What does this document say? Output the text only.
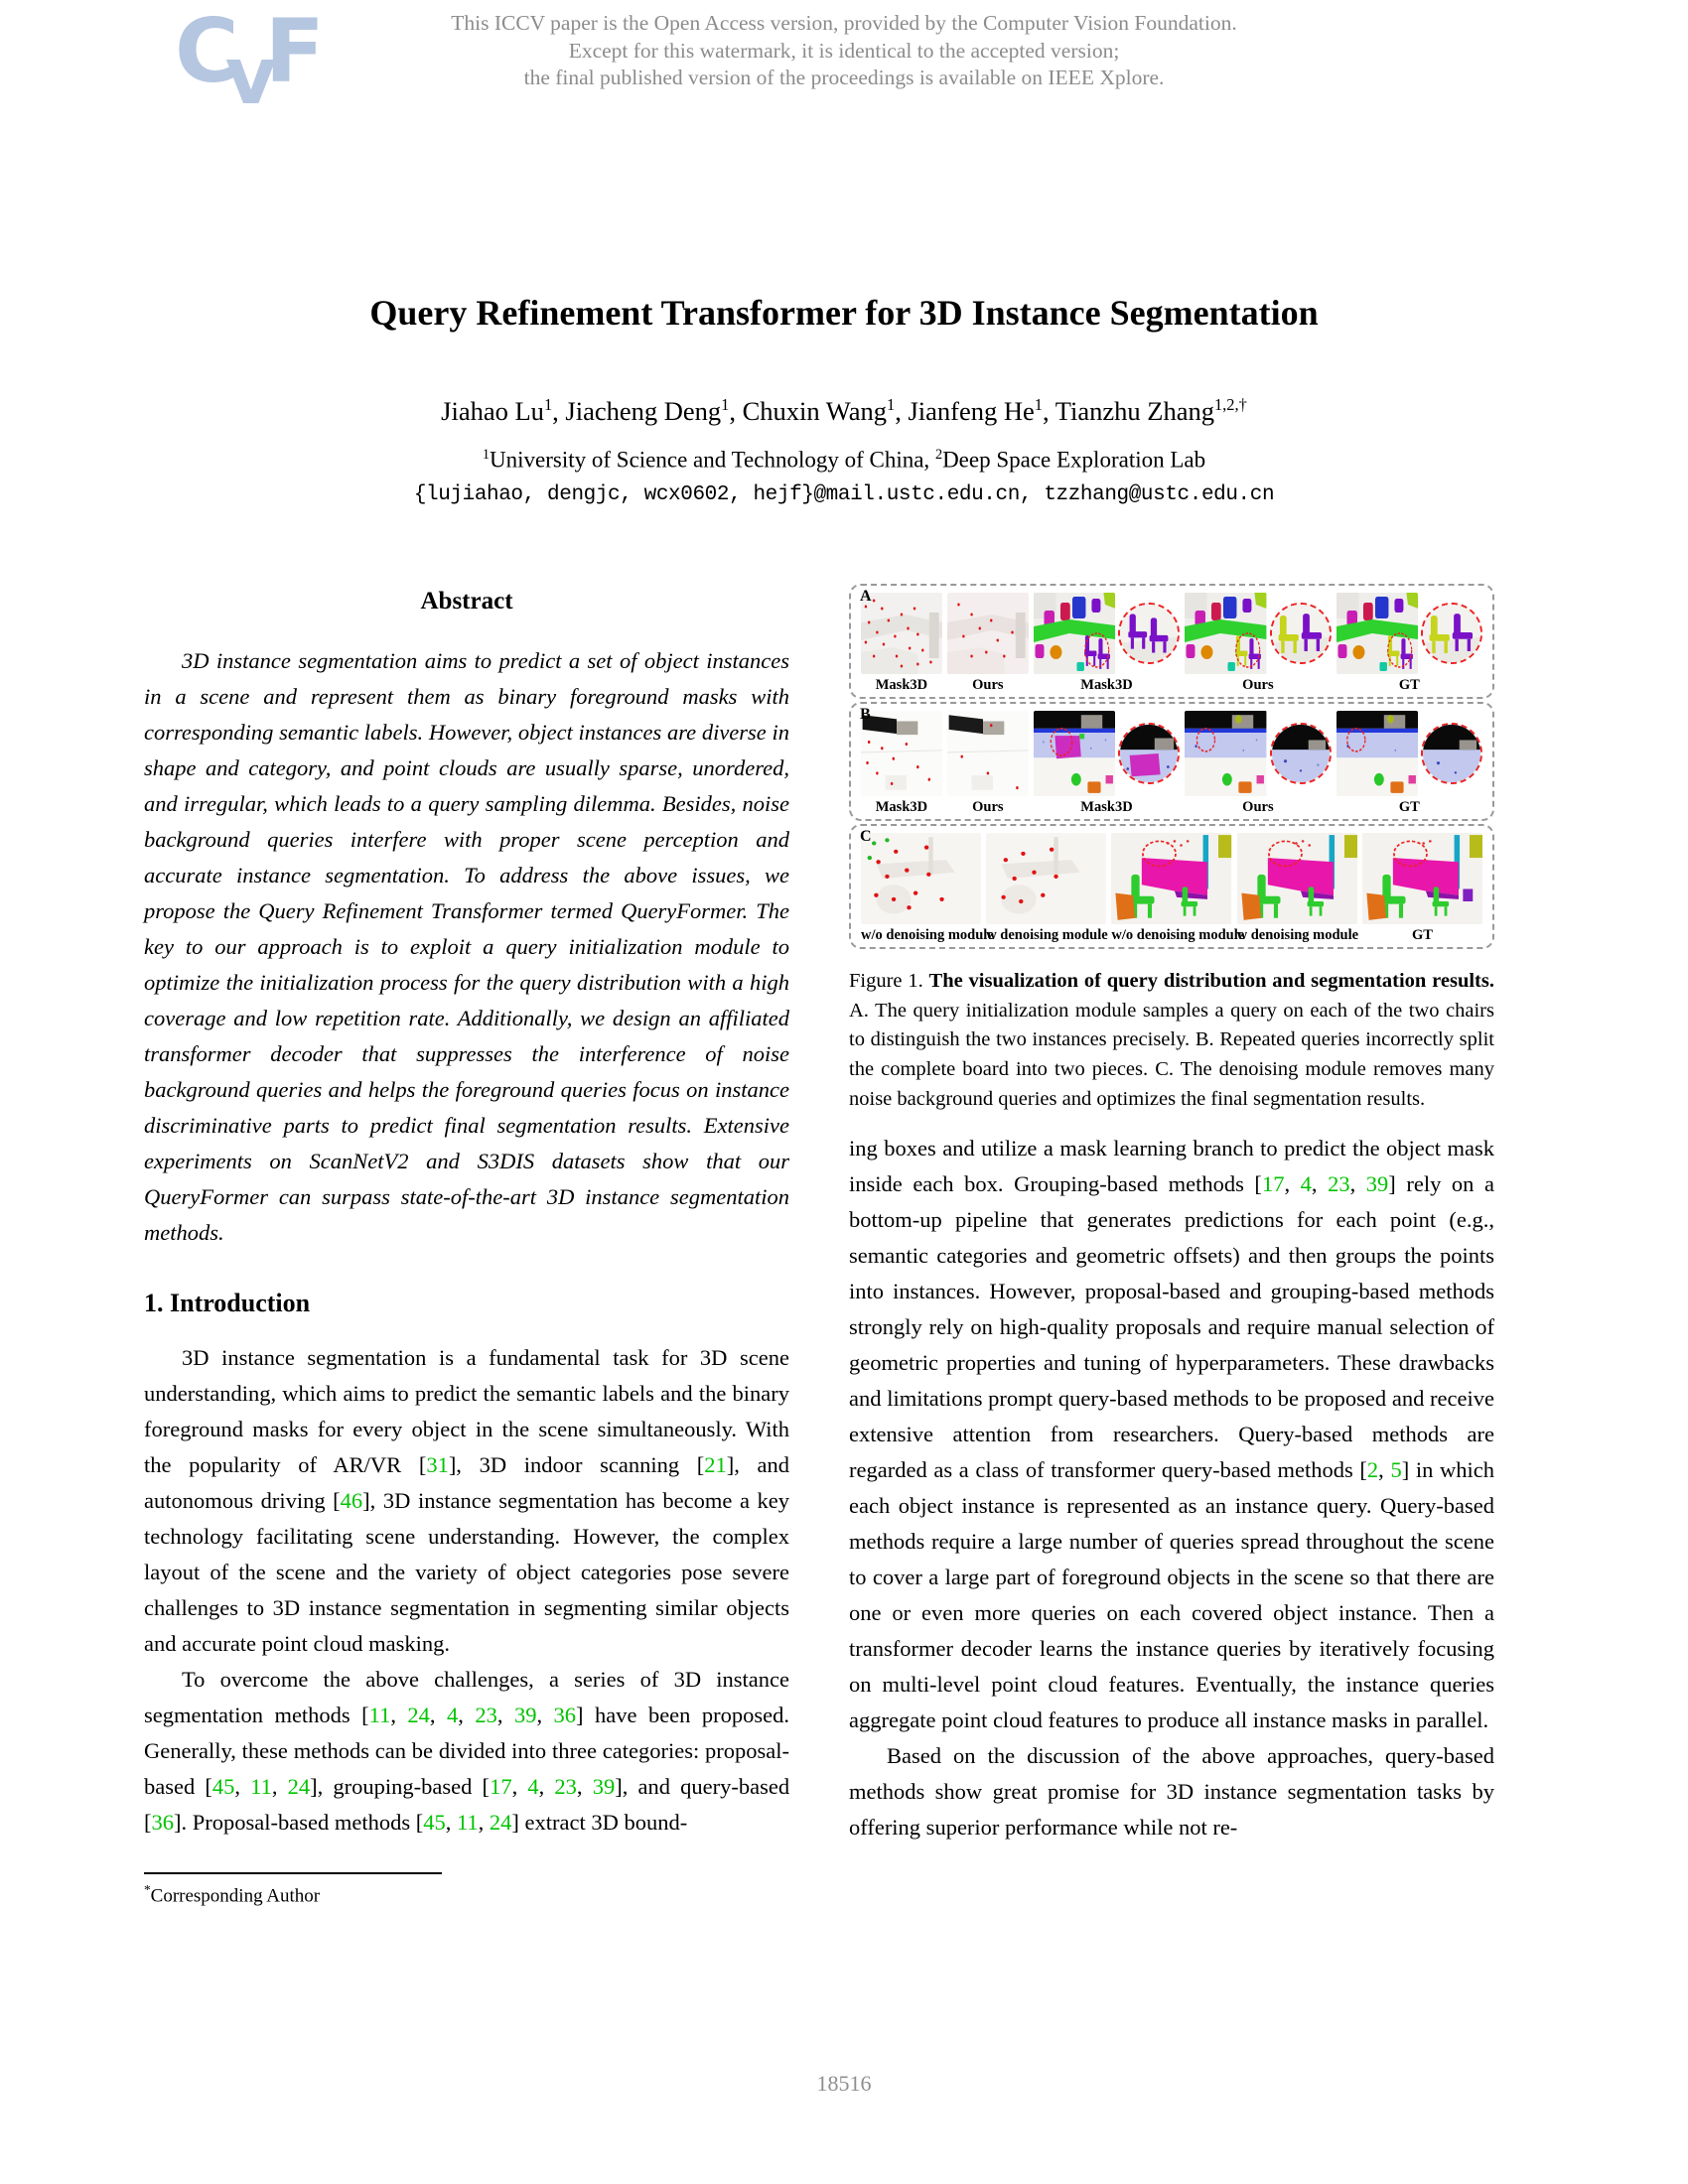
CvF	This ICCV paper is the Open Access version, provided by the Computer Vision Foundation.
Except for this watermark, it is identical to the accepted version;
the final published version of the proceedings is available on IEEE Xplore.
Query Refinement Transformer for 3D Instance Segmentation
Jiahao Lu$^1$, Jiacheng Deng$^1$, Chuxin Wang$^1$, Jianfeng He$^1$, Tianzhu Zhang$^{1,2,\dagger}$
$^1$University of Science and Technology of China, $^2$Deep Space Exploration Lab
{lujiahao, dengjc, wcx0602, hejf}@mail.ustc.edu.cn, tzzhang@ustc.edu.cn
Abstract

3D instance segmentation aims to predict a set of object instances in a scene and represent them as binary foreground masks with corresponding semantic labels. However, object instances are diverse in shape and category, and point clouds are usually sparse, unordered, and irregular, which leads to a query sampling dilemma. Besides, noise background queries interfere with proper scene perception and accurate instance segmentation. To address the above issues, we propose the Query Refinement Transformer termed QueryFormer. The key to our approach is to exploit a query initialization module to optimize the initialization process for the query distribution with a high coverage and low repetition rate. Additionally, we design an affiliated transformer decoder that suppresses the interference of noise background queries and helps the foreground queries focus on instance discriminative parts to predict final segmentation results. Extensive experiments on ScanNetV2 and S3DIS datasets show that our QueryFormer can surpass state-of-the-art 3D instance segmentation methods.

1. Introduction

3D instance segmentation is a fundamental task for 3D scene understanding, which aims to predict the semantic labels and the binary foreground masks for every object in the scene simultaneously. With the popularity of AR/VR [31], 3D indoor scanning [21], and autonomous driving [46], 3D instance segmentation has become a key technology facilitating scene understanding. However, the complex layout of the scene and the variety of object categories pose severe challenges to 3D instance segmentation in segmenting similar objects and accurate point cloud masking.

To overcome the above challenges, a series of 3D instance segmentation methods [11, 24, 4, 23, 39, 36] have been proposed. Generally, these methods can be divided into three categories: proposal-based [45, 11, 24], grouping-based [17, 4, 23, 39], and query-based [36]. Proposal-based methods [45, 11, 24] extract 3D bound-

*Corresponding Author

A
Mask3D	Ours	Mask3D	Ours	GT
B
Mask3D	Ours	Mask3D	Ours	GT
C
w/o denoising module
w denoising module w/o denoising module
w denoising module	GT
Figure 1. The visualization of query distribution and segmentation results. A. The query initialization module samples a query on each of the two chairs to distinguish the two instances precisely. B. Repeated queries incorrectly split the complete board into two pieces. C. The denoising module removes many noise background queries and optimizes the final segmentation results.

ing boxes and utilize a mask learning branch to predict the object mask inside each box. Grouping-based methods [17, 4, 23, 39] rely on a bottom-up pipeline that generates predictions for each point (e.g., semantic categories and geometric offsets) and then groups the points into instances. However, proposal-based and grouping-based methods strongly rely on high-quality proposals and require manual selection of geometric properties and tuning of hyperparameters. These drawbacks and limitations prompt query-based methods to be proposed and receive extensive attention from researchers. Query-based methods are regarded as a class of transformer query-based methods [2, 5] in which each object instance is represented as an instance query. Query-based methods require a large number of queries spread throughout the scene to cover a large part of foreground objects in the scene so that there are one or even more queries on each covered object instance. Then a transformer decoder learns the instance queries by iteratively focusing on multi-level point cloud features. Eventually, the instance queries aggregate point cloud features to produce all instance masks in parallel.

Based on the discussion of the above approaches, query-based methods show great promise for 3D instance segmentation tasks by offering superior performance while not re-

18516
